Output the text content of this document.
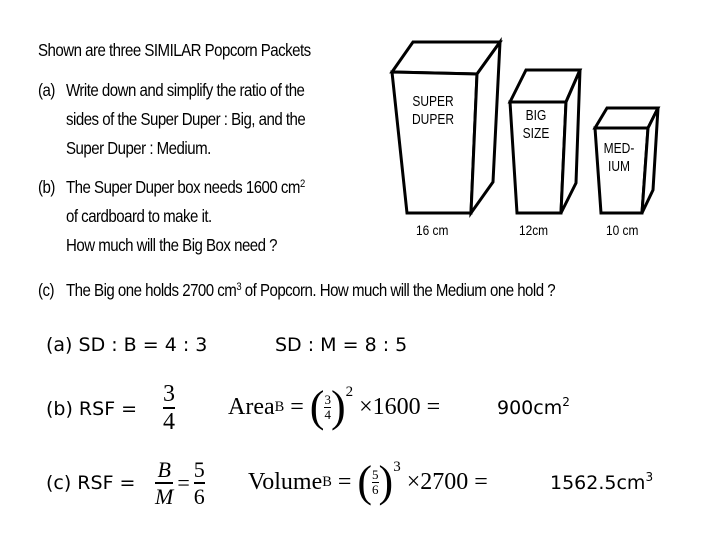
Shown are three SIMILAR Popcorn Packets
(a) Write down and simplify the ratio of the
sides of the Super Duper : Big, and the
Super Duper : Medium.
(b) The Super Duper box needs 1600 $cm^2$
of cardboard to make it.
How much will the Big Box need ?
(c) The Big one holds 2700 $cm^3$ of Popcorn. How much will the Medium one hold ?
SUPER
DUPER	BIG
SIZE
MED-
IUM
16 cm	12cm	10 cm
(a) SD : B = 4 : 3	SD : M = 8 : 5
(b) RSF =
3
4
Area B = ( $\frac{3}{4}$ ) 2
×1600 =	$900cm^2$
(c) RSF = $\frac{B}{M} = \frac{5}{6}$ Volume B = ( $\frac{5}{6}$ ) 3
×2700 =	$1562.5cm^3$
